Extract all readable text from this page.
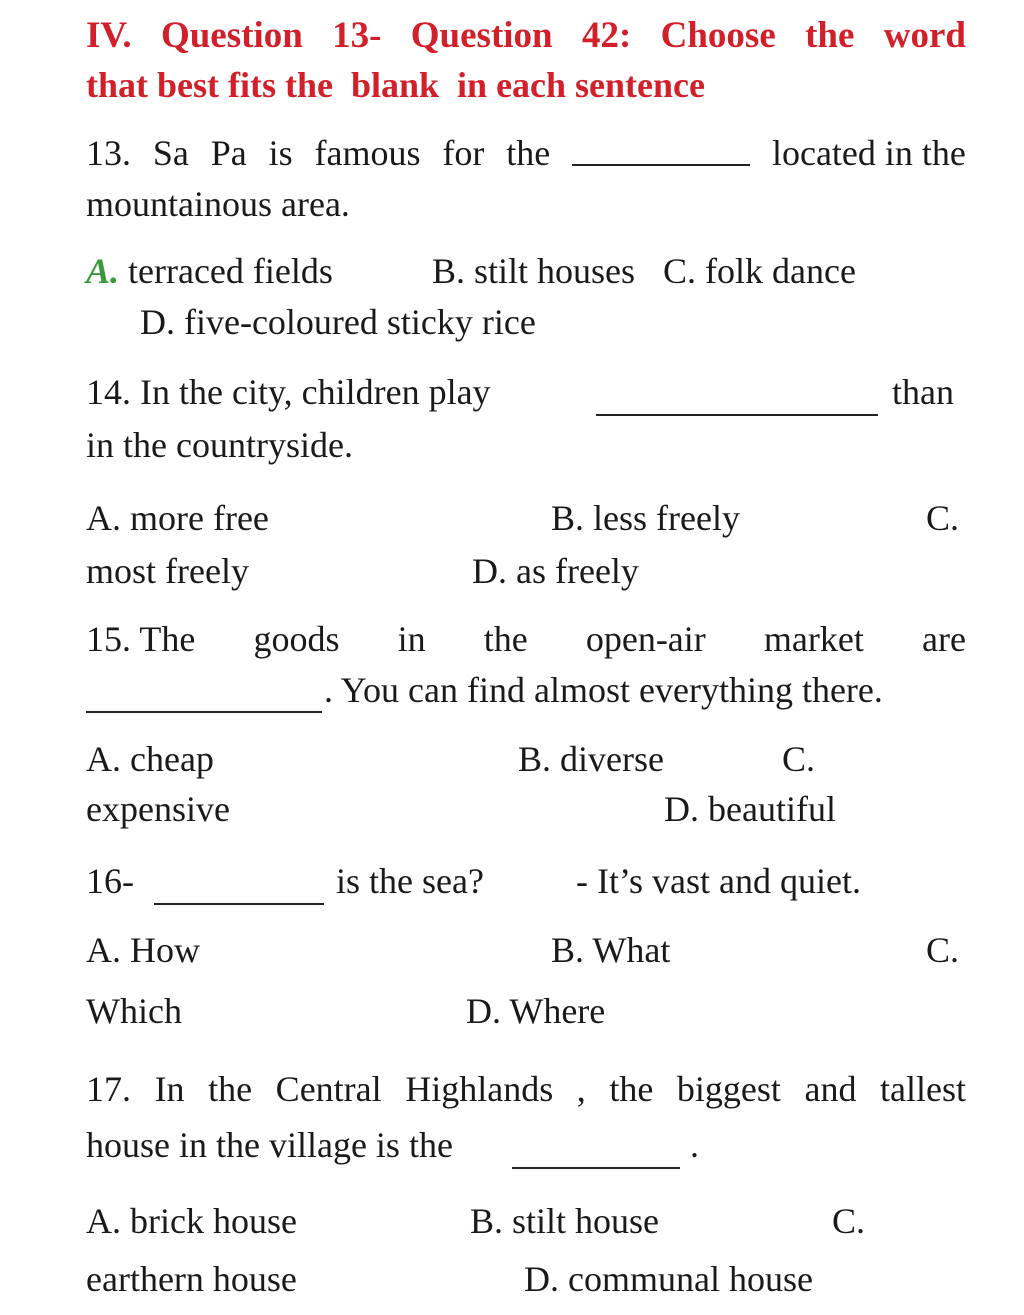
IV. Question 13- Question 42: Choose the word
that best fits the  blank  in each sentence
13. Sa Pa is famous for the	located in the
mountainous area.
A. terraced fields	B. stilt houses C. folk dance
D. five-coloured sticky rice
14. In the city, children play	than
in the countryside.
A. more free	B. less freely	C.
most freely	D. as freely
15. The goods in the open-air market are
. You can find almost everything there.
A. cheap	B. diverse	C.
expensive	D. beautiful
16-	is the sea?	- It’s vast and quiet.
A. How	B. What	C.
Which	D. Where
17. In the Central Highlands , the biggest and tallest
house in the village is the	.
A. brick house	B. stilt house	C.
earthern house	D. communal house
